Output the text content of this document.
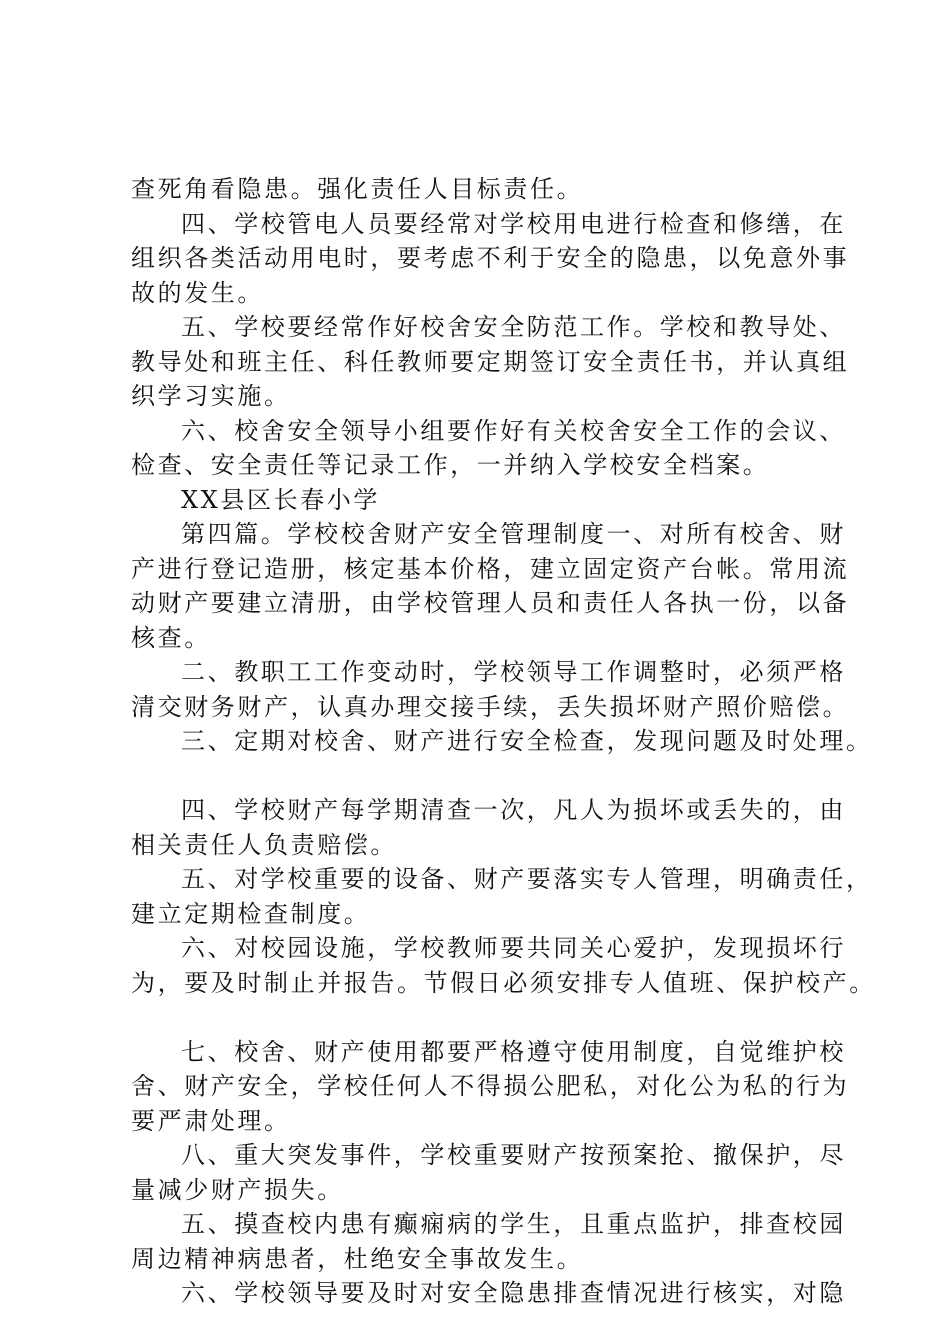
查死角看隐患。强化责任人目标责任。
四、学校管电人员要经常对学校用电进行检查和修缮，在
组织各类活动用电时，要考虑不利于安全的隐患，以免意外事
故的发生。
五、学校要经常作好校舍安全防范工作。学校和教导处、
教导处和班主任、科任教师要定期签订安全责任书，并认真组
织学习实施。
六、校舍安全领导小组要作好有关校舍安全工作的会议、
检查、安全责任等记录工作，一并纳入学校安全档案。
XX县区长春小学
第四篇。学校校舍财产安全管理制度一、对所有校舍、财
产进行登记造册，核定基本价格，建立固定资产台帐。常用流
动财产要建立清册，由学校管理人员和责任人各执一份，以备
核查。
二、教职工工作变动时，学校领导工作调整时，必须严格
清交财务财产，认真办理交接手续，丢失损坏财产照价赔偿。
三、定期对校舍、财产进行安全检查，发现问题及时处理。
四、学校财产每学期清查一次，凡人为损坏或丢失的，由
相关责任人负责赔偿。
五、对学校重要的设备、财产要落实专人管理，明确责任，
建立定期检查制度。
六、对校园设施，学校教师要共同关心爱护，发现损坏行
为，要及时制止并报告。节假日必须安排专人值班、保护校产。
七、校舍、财产使用都要严格遵守使用制度，自觉维护校
舍、财产安全，学校任何人不得损公肥私，对化公为私的行为
要严肃处理。
八、重大突发事件，学校重要财产按预案抢、撤保护，尽
量减少财产损失。
五、摸查校内患有癫痫病的学生，且重点监护，排查校园
周边精神病患者，杜绝安全事故发生。
六、学校领导要及时对安全隐患排查情况进行核实，对隐
